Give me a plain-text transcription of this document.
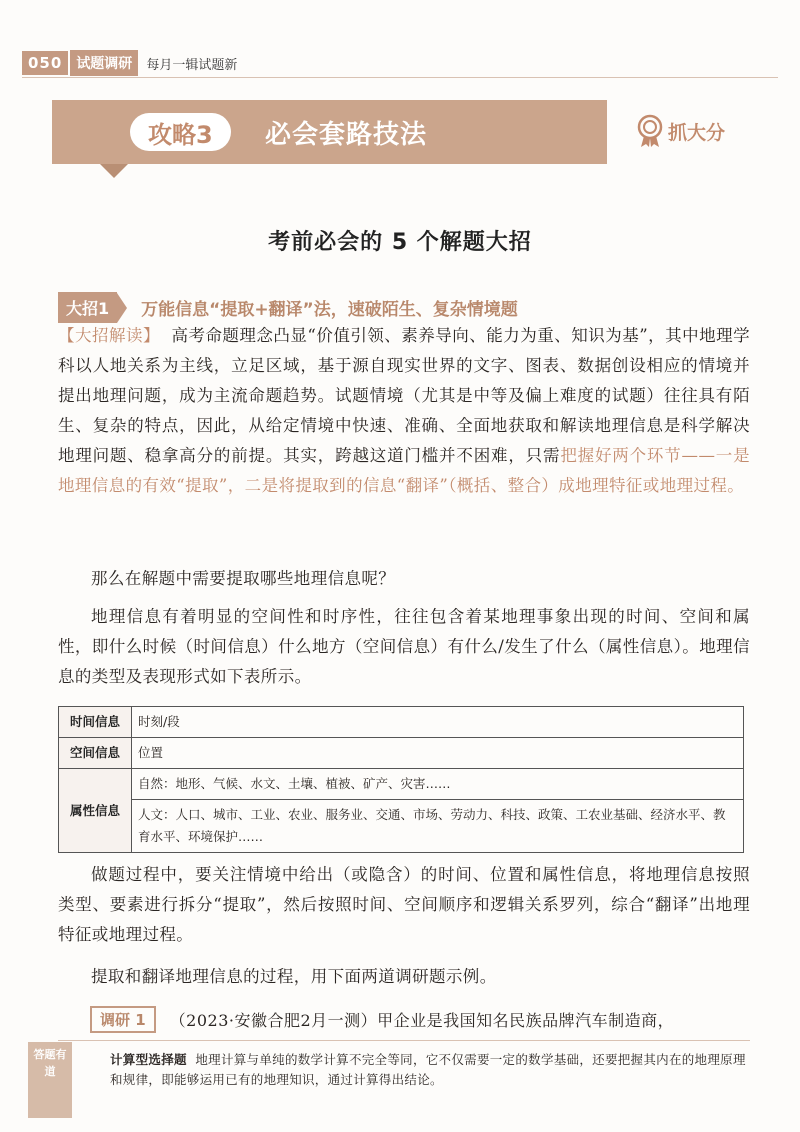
050	试题调研	每月一辑试题新
攻略3	必会套路技法	抓大分
考前必会的 5 个解题大招
大招1	万能信息“提取+翻译”法，速破陌生、复杂情境题
【大招解读】 高考命题理念凸显“价值引领、素养导向、能力为重、知识为基”，其中地理学科以人地关系为主线，立足区域，基于源自现实世界的文字、图表、数据创设相应的情境并提出地理问题，成为主流命题趋势。试题情境（尤其是中等及偏上难度的试题）往往具有陌生、复杂的特点，因此，从给定情境中快速、准确、全面地获取和解读地理信息是科学解决地理问题、稳拿高分的前提。其实，跨越这道门槛并不困难，只需把握好两个环节——一是地理信息的有效“提取”，二是将提取到的信息“翻译”（概括、整合）成地理特征或地理过程。
那么在解题中需要提取哪些地理信息呢？
地理信息有着明显的空间性和时序性，往往包含着某地理事象出现的时间、空间和属性，即什么时候（时间信息）什么地方（空间信息）有什么/发生了什么（属性信息）。地理信息的类型及表现形式如下表所示。
时间信息	时刻/段
空间信息	位置
属性信息	自然：地形、气候、水文、土壤、植被、矿产、灾害……
	人文：人口、城市、工业、农业、服务业、交通、市场、劳动力、科技、政策、工农业基础、经济水平、教育水平、环境保护……
做题过程中，要关注情境中给出（或隐含）的时间、位置和属性信息，将地理信息按照类型、要素进行拆分“提取”，然后按照时间、空间顺序和逻辑关系罗列，综合“翻译”出地理特征或地理过程。
提取和翻译地理信息的过程，用下面两道调研题示例。
调研 1	（2023·安徽合肥2月一测）甲企业是我国知名民族品牌汽车制造商，
答题有道
计算型选择题 地理计算与单纯的数学计算不完全等同，它不仅需要一定的数学基础，还要把握其内在的地理原理和规律，即能够运用已有的地理知识，通过计算得出结论。
